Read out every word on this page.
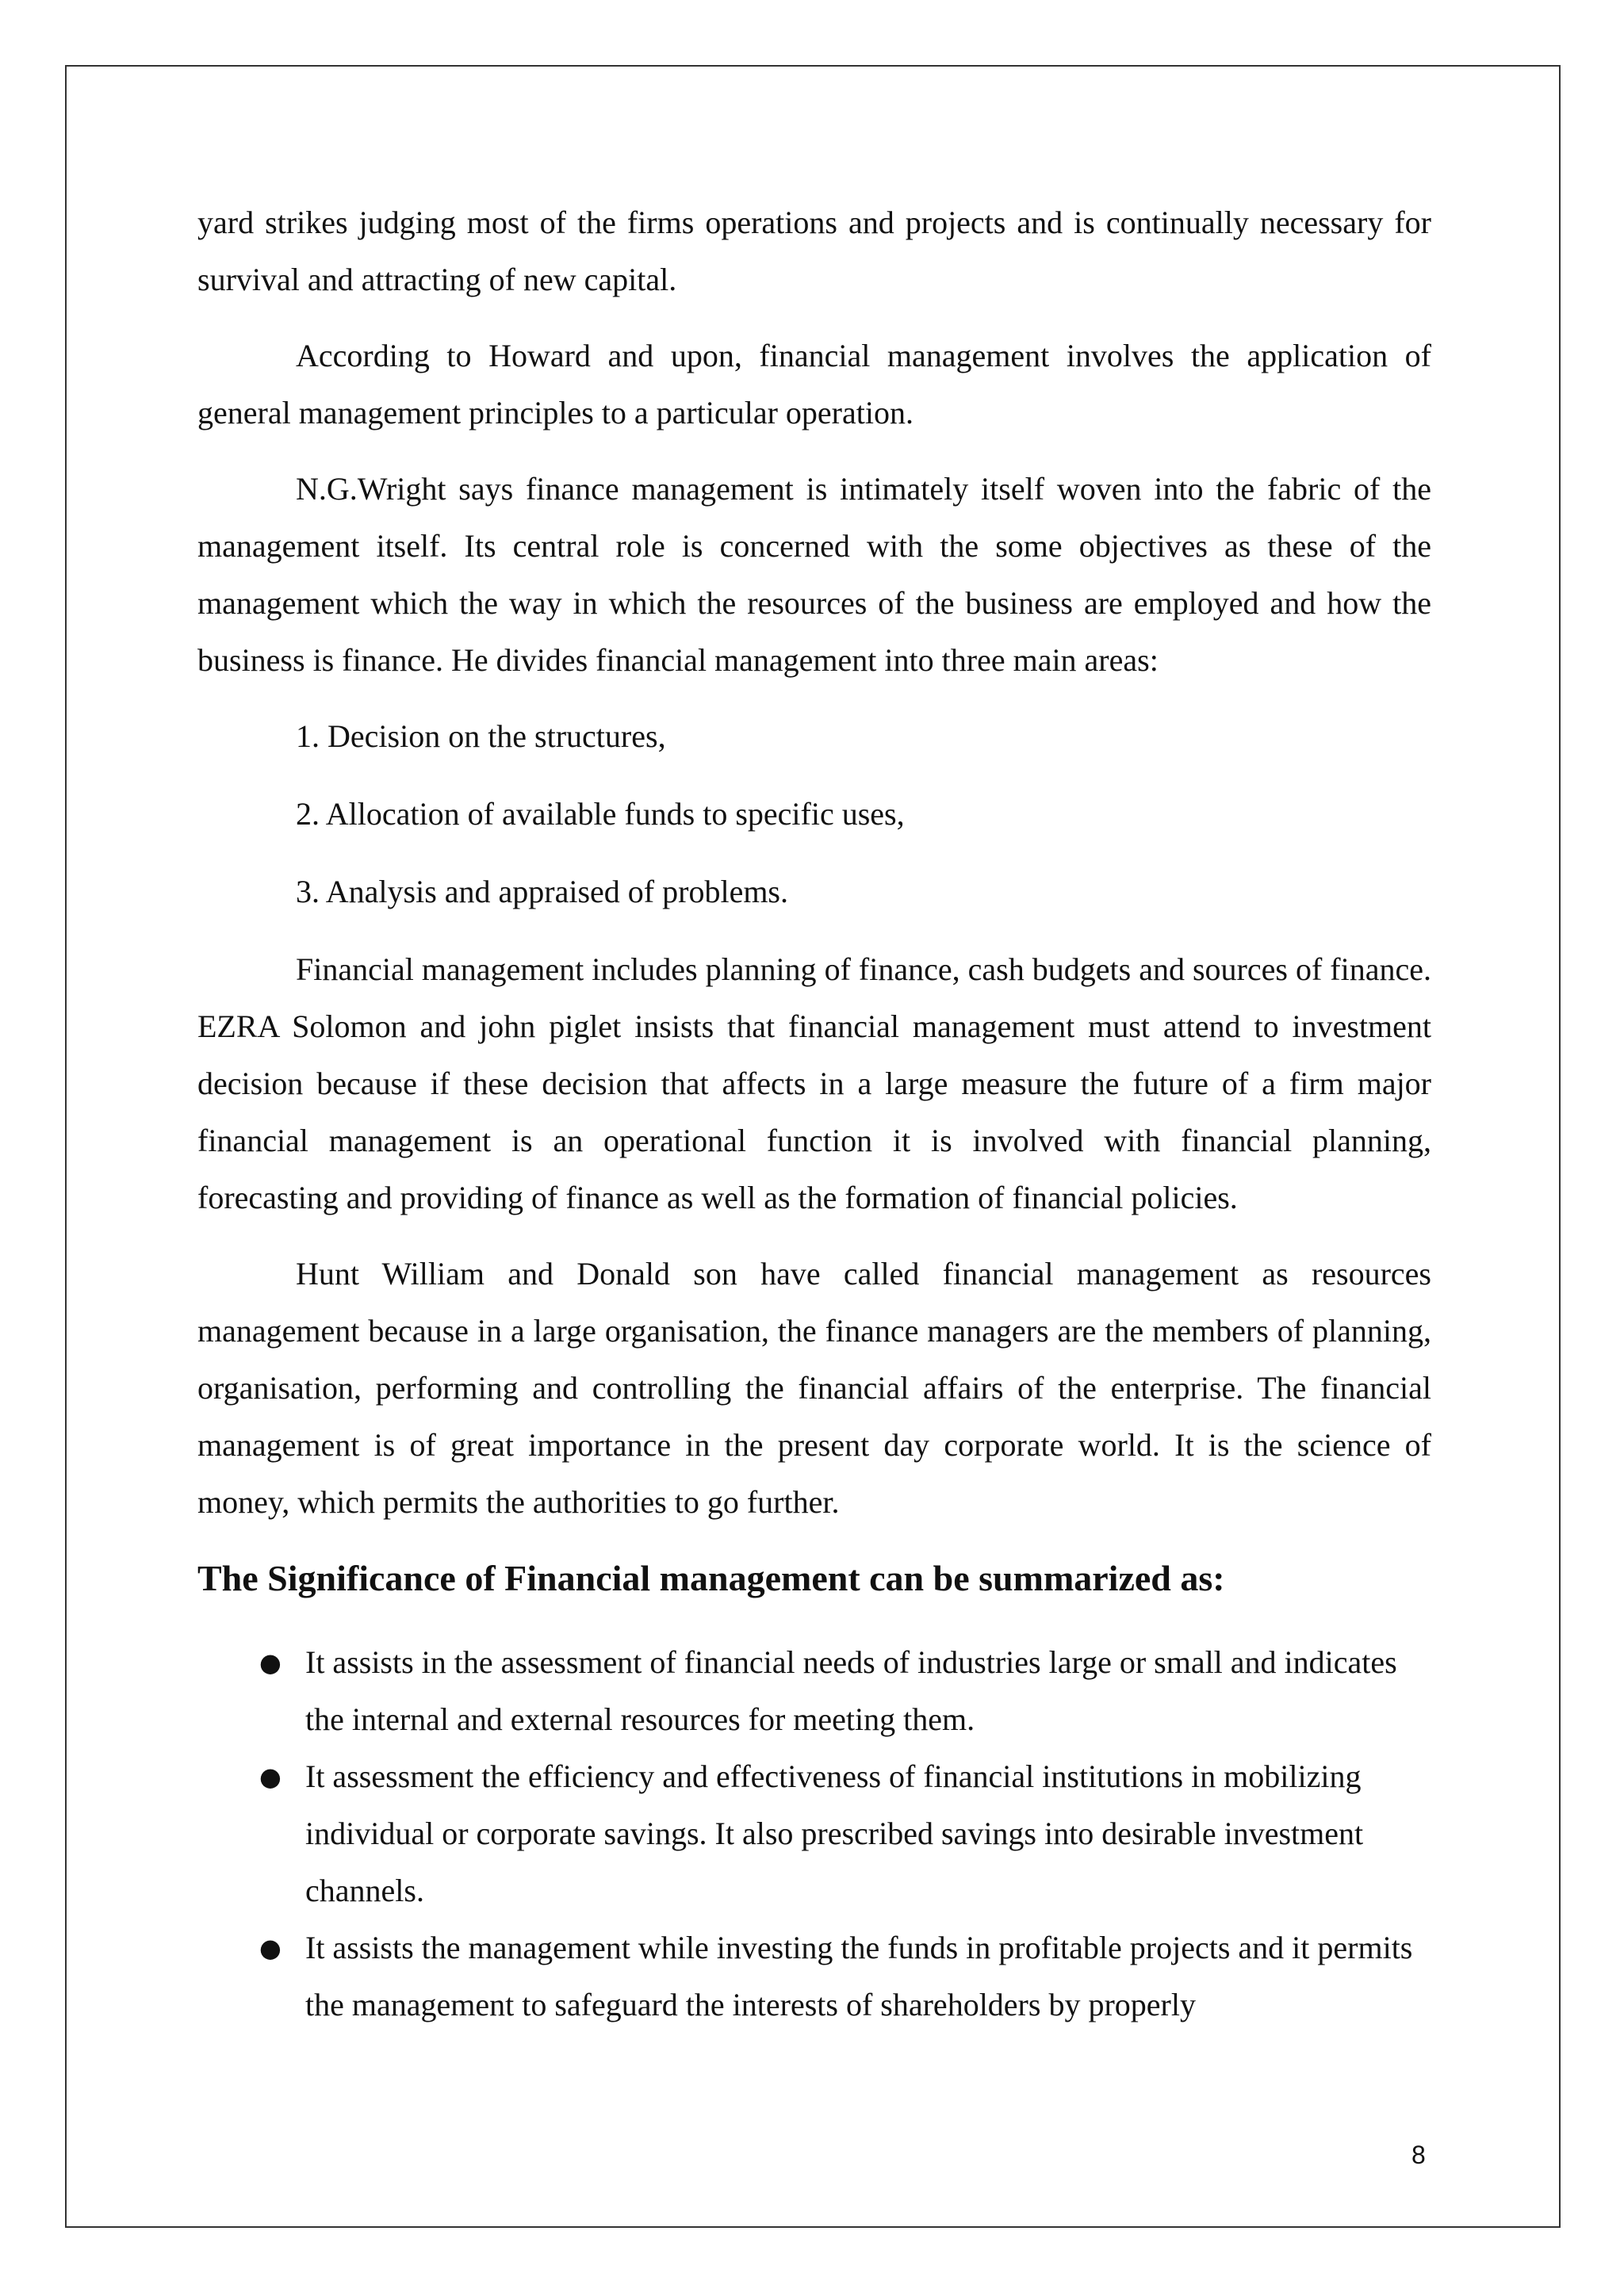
yard strikes judging most of the firms operations and projects and is continually necessary for survival and attracting of new capital.

According to Howard and upon, financial management involves the application of general management principles to a particular operation.

N.G.Wright says finance management is intimately itself woven into the fabric of the management itself. Its central role is concerned with the some objectives as these of the management which the way in which the resources of the business are employed and how the business is finance. He divides financial management into three main areas:

1. Decision on the structures,
2. Allocation of available funds to specific uses,
3. Analysis and appraised of problems.

Financial management includes planning of finance, cash budgets and sources of finance. EZRA Solomon and john piglet insists that financial management must attend to investment decision because if these decision that affects in a large measure the future of a firm major financial management is an operational function it is involved with financial planning, forecasting and providing of finance as well as the formation of financial policies.

Hunt William and Donald son have called financial management as resources management because in a large organisation, the finance managers are the members of planning, organisation, performing and controlling the financial affairs of the enterprise. The financial management is of great importance in the present day corporate world. It is the science of money, which permits the authorities to go further.

The Significance of Financial management can be summarized as:
● It assists in the assessment of financial needs of industries large or small and indicates the internal and external resources for meeting them.
● It assessment the efficiency and effectiveness of financial institutions in mobilizing individual or corporate savings. It also prescribed savings into desirable investment channels.
● It assists the management while investing the funds in profitable projects and it permits the management to safeguard the interests of shareholders by properly
8
